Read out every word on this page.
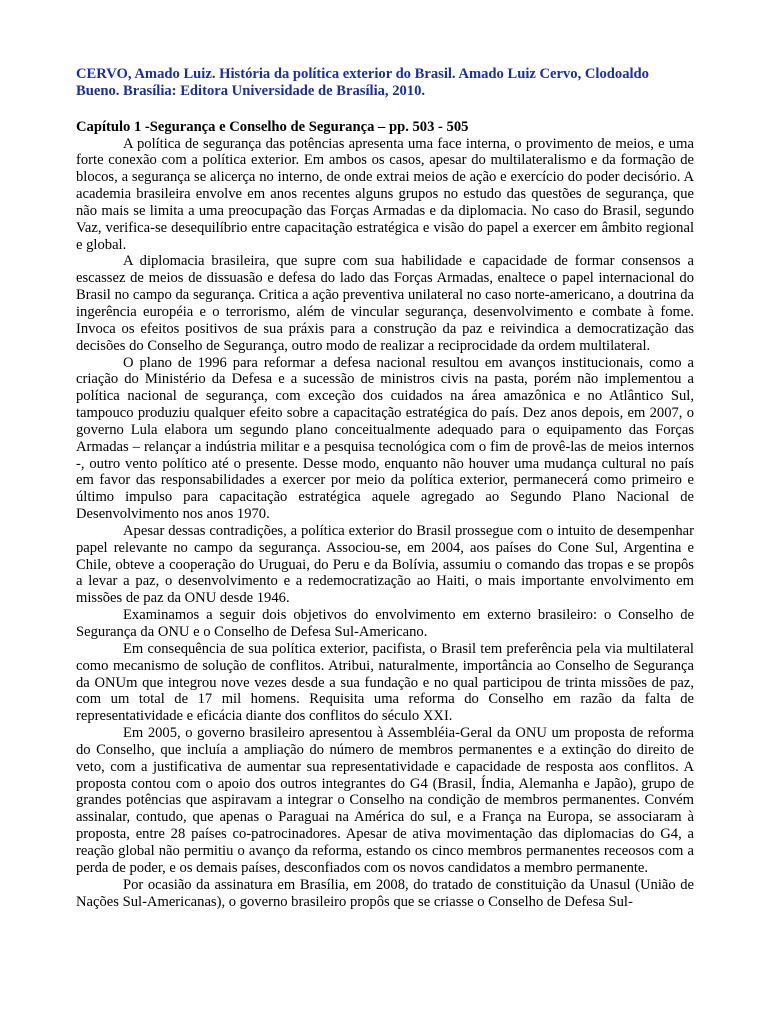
CERVO, Amado Luiz. História da política exterior do Brasil. Amado Luiz Cervo, Clodoaldo Bueno. Brasília: Editora Universidade de Brasília, 2010.

Capítulo 1 -Segurança e Conselho de Segurança – pp. 503 - 505

A política de segurança das potências apresenta uma face interna, o provimento de meios, e uma forte conexão com a política exterior. Em ambos os casos, apesar do multilateralismo e da formação de blocos, a segurança se alicerça no interno, de onde extrai meios de ação e exercício do poder decisório. A academia brasileira envolve em anos recentes alguns grupos no estudo das questões de segurança, que não mais se limita a uma preocupação das Forças Armadas e da diplomacia. No caso do Brasil, segundo Vaz, verifica-se desequilíbrio entre capacitação estratégica e visão do papel a exercer em âmbito regional e global.

A diplomacia brasileira, que supre com sua habilidade e capacidade de formar consensos a escassez de meios de dissuasão e defesa do lado das Forças Armadas, enaltece o papel internacional do Brasil no campo da segurança. Critica a ação preventiva unilateral no caso norte-americano, a doutrina da ingerência européia e o terrorismo, além de vincular segurança, desenvolvimento e combate à fome. Invoca os efeitos positivos de sua práxis para a construção da paz e reivindica a democratização das decisões do Conselho de Segurança, outro modo de realizar a reciprocidade da ordem multilateral.

O plano de 1996 para reformar a defesa nacional resultou em avanços institucionais, como a criação do Ministério da Defesa e a sucessão de ministros civis na pasta, porém não implementou a política nacional de segurança, com exceção dos cuidados na área amazônica e no Atlântico Sul, tampouco produziu qualquer efeito sobre a capacitação estratégica do país. Dez anos depois, em 2007, o governo Lula elabora um segundo plano conceitualmente adequado para o equipamento das Forças Armadas – relançar a indústria militar e a pesquisa tecnológica com o fim de provê-las de meios internos -, outro vento político até o presente. Desse modo, enquanto não houver uma mudança cultural no país em favor das responsabilidades a exercer por meio da política exterior, permanecerá como primeiro e último impulso para capacitação estratégica aquele agregado ao Segundo Plano Nacional de Desenvolvimento nos anos 1970.

Apesar dessas contradições, a política exterior do Brasil prossegue com o intuito de desempenhar papel relevante no campo da segurança. Associou-se, em 2004, aos países do Cone Sul, Argentina e Chile, obteve a cooperação do Uruguai, do Peru e da Bolívia, assumiu o comando das tropas e se propôs a levar a paz, o desenvolvimento e a redemocratização ao Haiti, o mais importante envolvimento em missões de paz da ONU desde 1946.

Examinamos a seguir dois objetivos do envolvimento em externo brasileiro: o Conselho de Segurança da ONU e o Conselho de Defesa Sul-Americano.

Em consequência de sua política exterior, pacifista, o Brasil tem preferência pela via multilateral como mecanismo de solução de conflitos. Atribui, naturalmente, importância ao Conselho de Segurança da ONUm que integrou nove vezes desde a sua fundação e no qual participou de trinta missões de paz, com um total de 17 mil homens. Requisita uma reforma do Conselho em razão da falta de representatividade e eficácia diante dos conflitos do século XXI.

Em 2005, o governo brasileiro apresentou à Assembléia-Geral da ONU um proposta de reforma do Conselho, que incluía a ampliação do número de membros permanentes e a extinção do direito de veto, com a justificativa de aumentar sua representatividade e capacidade de resposta aos conflitos. A proposta contou com o apoio dos outros integrantes do G4 (Brasil, Índia, Alemanha e Japão), grupo de grandes potências que aspiravam a integrar o Conselho na condição de membros permanentes. Convém assinalar, contudo, que apenas o Paraguai na América do sul, e a França na Europa, se associaram à proposta, entre 28 países co-patrocinadores. Apesar de ativa movimentação das diplomacias do G4, a reação global não permitiu o avanço da reforma, estando os cinco membros permanentes receosos com a perda de poder, e os demais países, desconfiados com os novos candidatos a membro permanente.

Por ocasião da assinatura em Brasília, em 2008, do tratado de constituição da Unasul (União de Nações Sul-Americanas), o governo brasileiro propôs que se criasse o Conselho de Defesa Sul-
